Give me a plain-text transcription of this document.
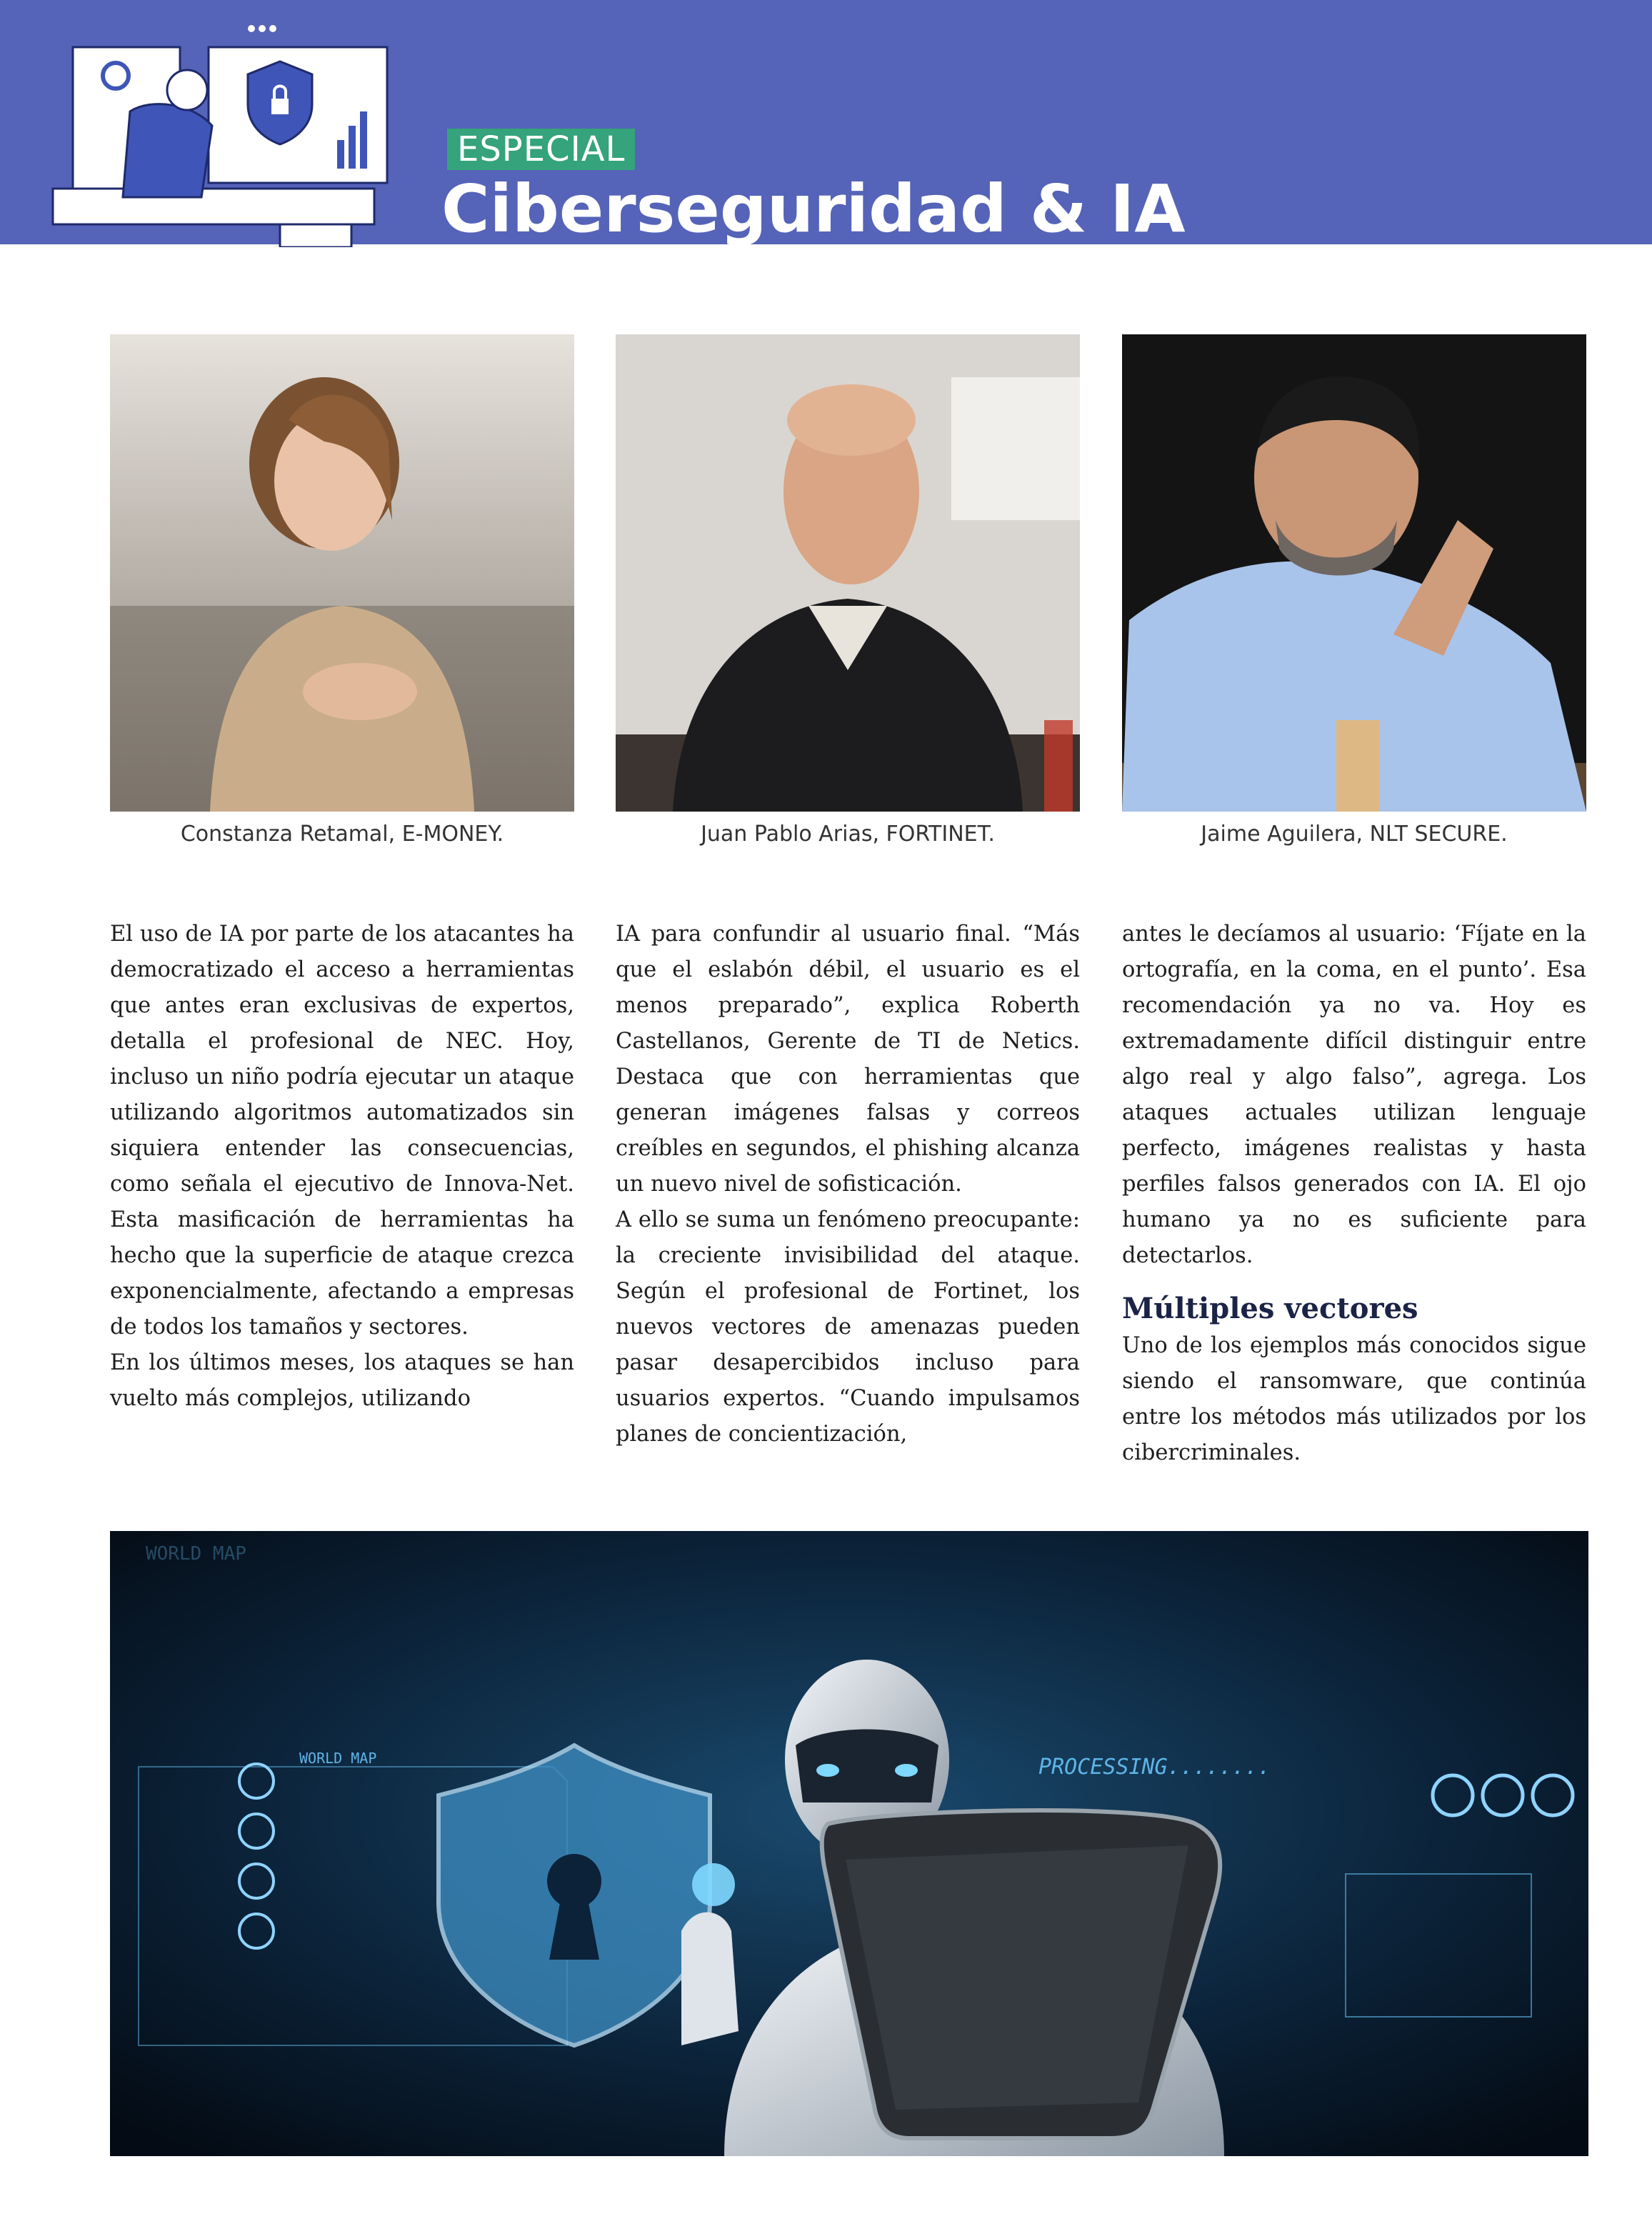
ESPECIAL
Ciberseguridad & IA
Constanza Retamal, E-MONEY.	Juan Pablo Arias, FORTINET.	Jaime Aguilera, NLT SECURE.

El uso de IA por parte de los atacantes ha democratizado el acceso a herramientas que antes eran exclusivas de expertos, detalla el profesional de NEC. Hoy, incluso un niño podría ejecutar un ataque utilizando algoritmos automatizados sin siquiera entender las consecuencias, como señala el ejecutivo de Innova-Net. Esta masificación de herramientas ha hecho que la superficie de ataque crezca exponencialmente, afectando a empresas de todos los tamaños y sectores.

En los últimos meses, los ataques se han vuelto más complejos, utilizando

IA para confundir al usuario final. “Más que el eslabón débil, el usuario es el menos preparado”, explica Roberth Castellanos, Gerente de TI de Netics. Destaca que con herramientas que generan imágenes falsas y correos creíbles en segundos, el phishing alcanza un nuevo nivel de sofisticación.

A ello se suma un fenómeno preocupante: la creciente invisibilidad del ataque. Según el profesional de Fortinet, los nuevos vectores de amenazas pueden pasar desapercibidos incluso para usuarios expertos. “Cuando impulsamos planes de concientización,

antes le decíamos al usuario: ‘Fíjate en la ortografía, en la coma, en el punto’. Esa recomendación ya no va. Hoy es extremadamente difícil distinguir entre algo real y algo falso”, agrega. Los ataques actuales utilizan lenguaje perfecto, imágenes realistas y hasta perfiles falsos generados con IA. El ojo humano ya no es suficiente para detectarlos.

Múltiples vectores

Uno de los ejemplos más conocidos sigue siendo el ransomware, que continúa entre los métodos más utilizados por los cibercriminales.

WORLD MAP
WORLD MAP	PROCESSING........
